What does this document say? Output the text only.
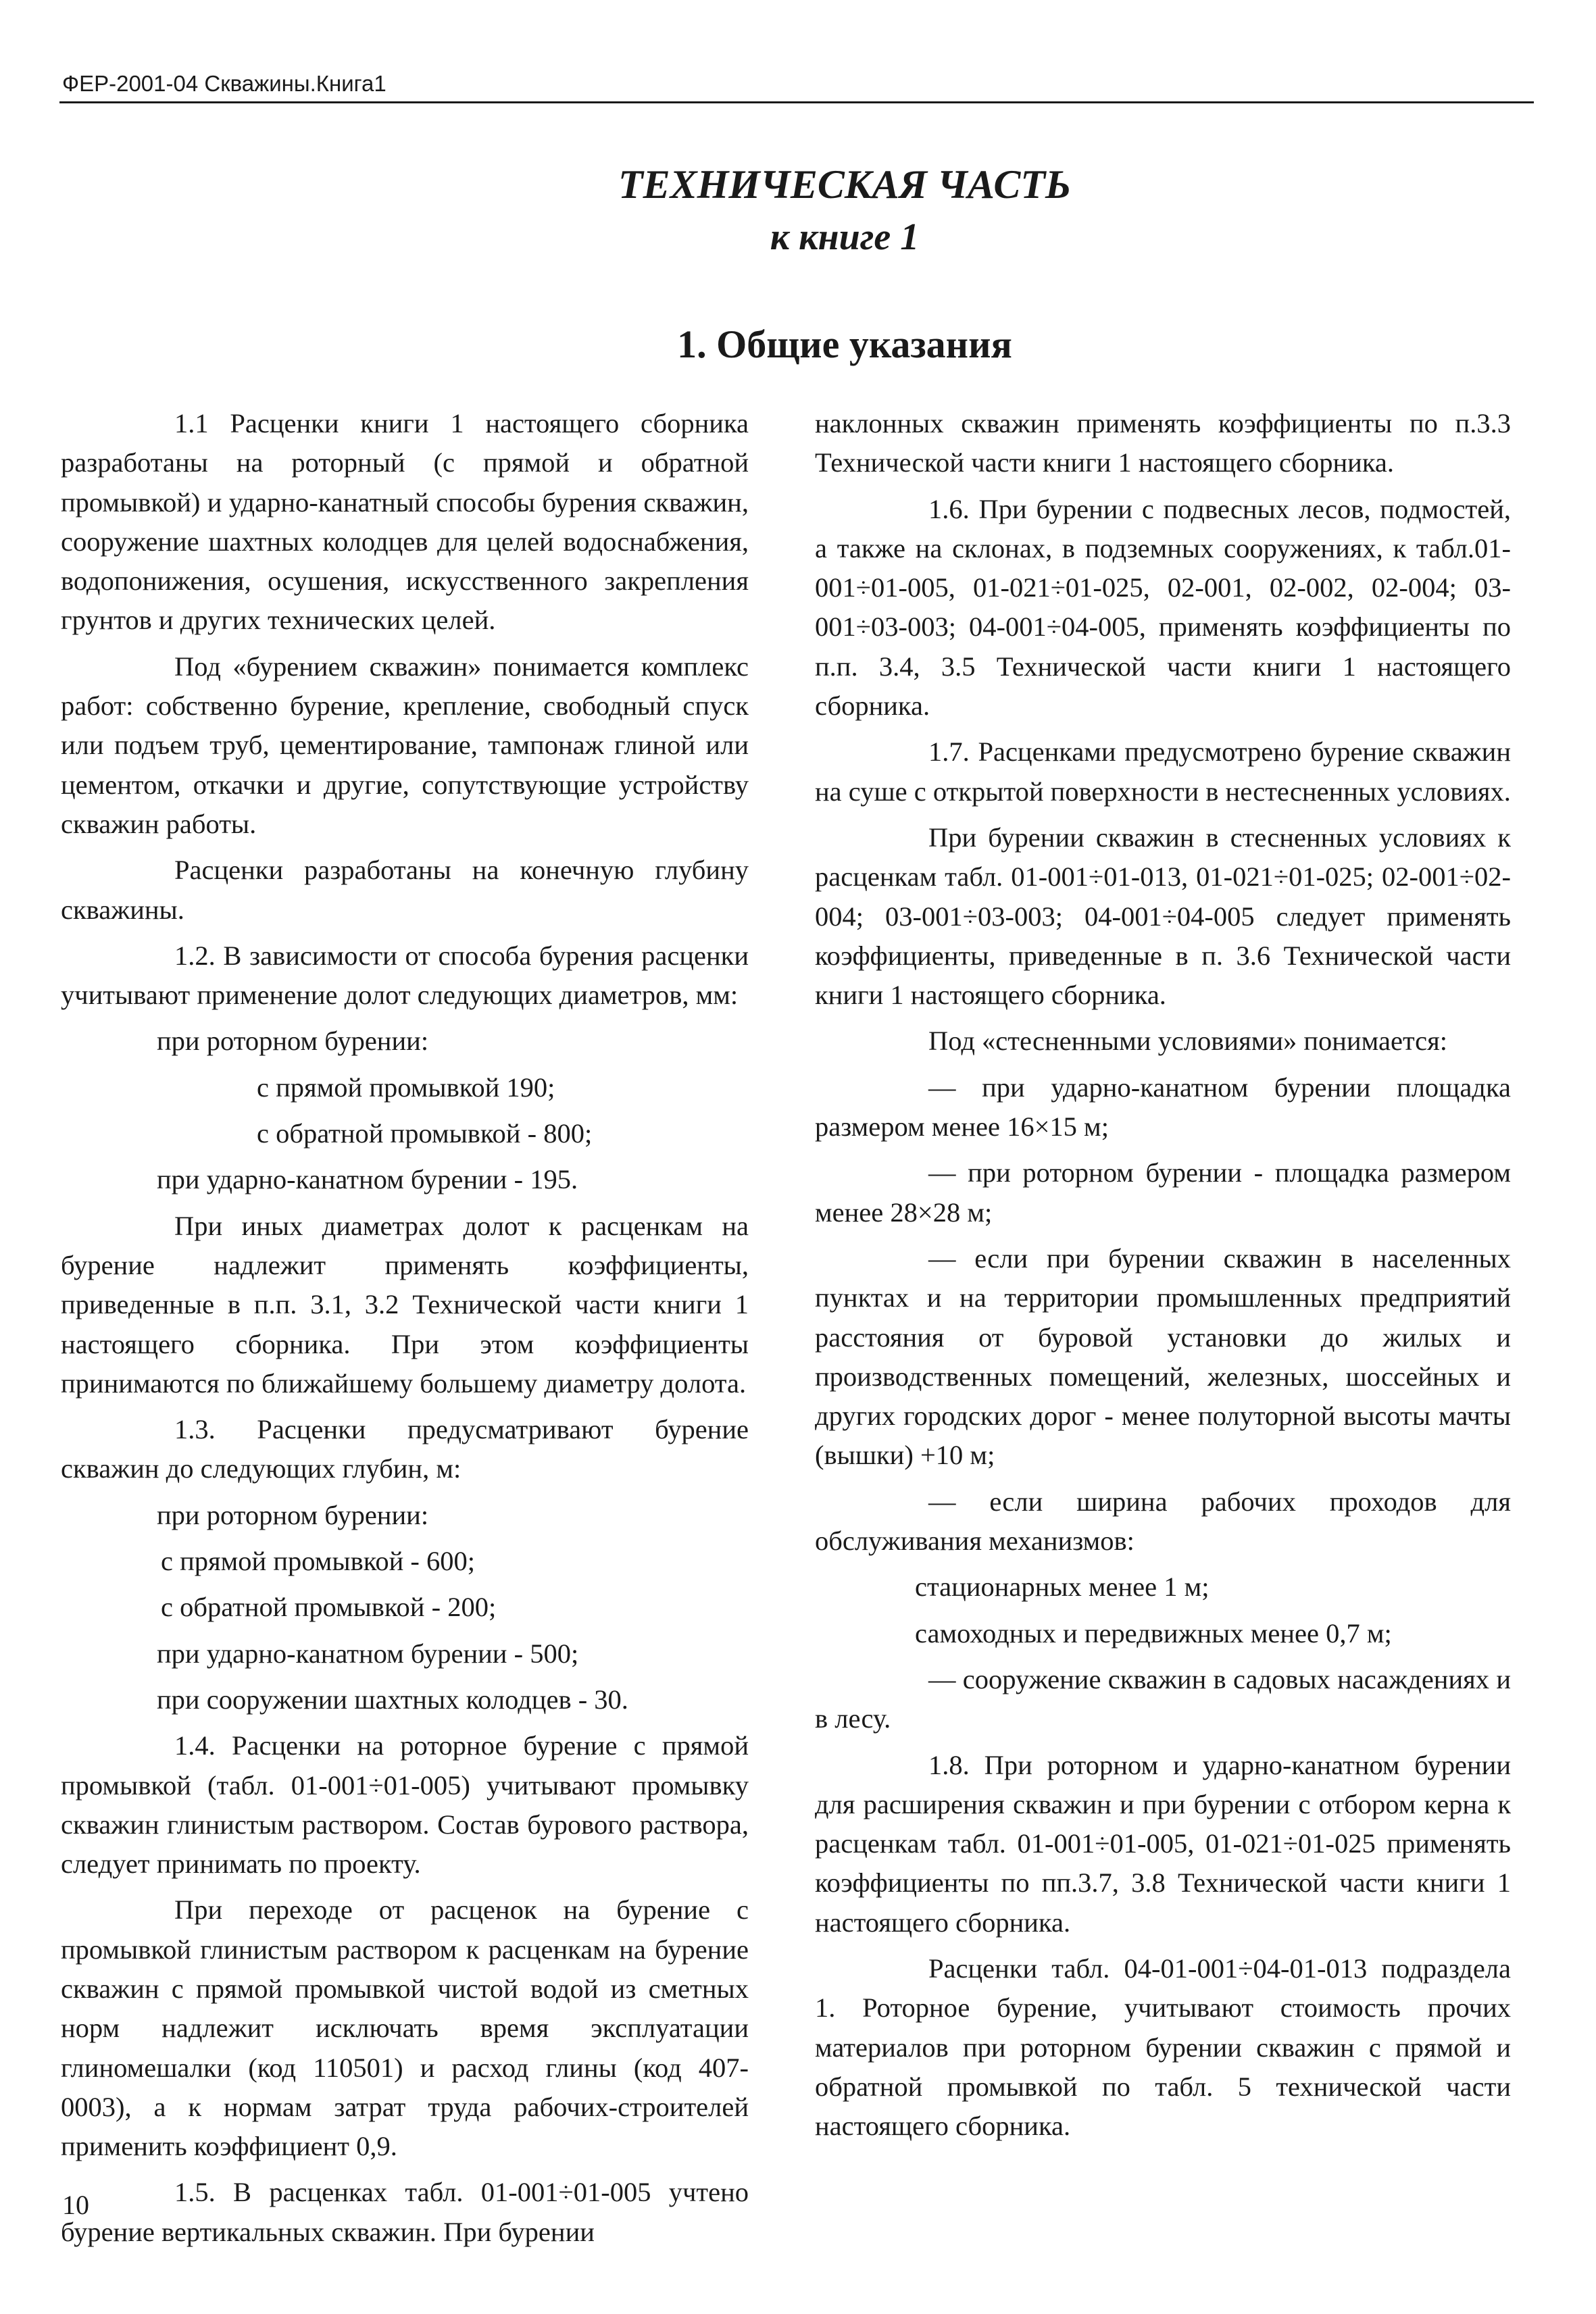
ФЕР-2001-04 Скважины.Книга1

ТЕХНИЧЕСКАЯ ЧАСТЬ
к книге 1
1. Общие указания

1.1 Расценки книги 1 настоящего сборника разработаны на роторный (с прямой и обратной промывкой) и ударно-канатный способы бурения скважин, сооружение шахтных колодцев для целей водоснабжения, водопонижения, осушения, искусственного закрепления грунтов и других технических целей.

Под «бурением скважин» понимается комплекс работ: собственно бурение, крепление, свободный спуск или подъем труб, цементирование, тампонаж глиной или цементом, откачки и другие, сопутствующие устройству скважин работы.

Расценки разработаны на конечную глубину скважины.

1.2. В зависимости от способа бурения расценки учитывают применение долот следующих диаметров, мм:

при роторном бурении:

с прямой промывкой 190;

с обратной промывкой - 800;

при ударно-канатном бурении - 195.

При иных диаметрах долот к расценкам на бурение надлежит применять коэффициенты, приведенные в п.п. 3.1, 3.2 Технической части книги 1 настоящего сборника. При этом коэффициенты принимаются по ближайшему большему диаметру долота.

1.3. Расценки предусматривают бурение скважин до следующих глубин, м:

при роторном бурении:

с прямой промывкой - 600;

с обратной промывкой - 200;

при ударно-канатном бурении - 500;

при сооружении шахтных колодцев - 30.

1.4. Расценки на роторное бурение с прямой промывкой (табл. 01-001÷01-005) учитывают промывку скважин глинистым раствором. Состав бурового раствора, следует принимать по проекту.

При переходе от расценок на бурение с промывкой глинистым раствором к расценкам на бурение скважин с прямой промывкой чистой водой из сметных норм надлежит исключать время эксплуатации глиномешалки (код 110501) и расход глины (код 407-0003), а к нормам затрат труда рабочих-строителей применить коэффициент 0,9.

1.5. В расценках табл. 01-001÷01-005 учтено бурение вертикальных скважин. При бурении

наклонных скважин применять коэффициенты по п.3.3 Технической части книги 1 настоящего сборника.

1.6. При бурении с подвесных лесов, подмостей, а также на склонах, в подземных сооружениях, к табл.01-001÷01-005, 01-021÷01-025, 02-001, 02-002, 02-004; 03-001÷03-003; 04-001÷04-005, применять коэффициенты по п.п. 3.4, 3.5 Технической части книги 1 настоящего сборника.

1.7. Расценками предусмотрено бурение скважин на суше с открытой поверхности в нестесненных условиях.

При бурении скважин в стесненных условиях к расценкам табл. 01-001÷01-013, 01-021÷01-025; 02-001÷02-004; 03-001÷03-003; 04-001÷04-005 следует применять коэффициенты, приведенные в п. 3.6 Технической части книги 1 настоящего сборника.

Под «стесненными условиями» понимается:

— при ударно-канатном бурении площадка размером менее 16×15 м;

— при роторном бурении - площадка размером менее 28×28 м;

— если при бурении скважин в населенных пунктах и на территории промышленных предприятий расстояния от буровой установки до жилых и производственных помещений, железных, шоссейных и других городских дорог - менее полуторной высоты мачты (вышки) +10 м;

— если ширина рабочих проходов для обслуживания механизмов:

стационарных менее 1 м;

самоходных и передвижных менее 0,7 м;

— сооружение скважин в садовых насаждениях и в лесу.

1.8. При роторном и ударно-канатном бурении для расширения скважин и при бурении с отбором керна к расценкам табл. 01-001÷01-005, 01-021÷01-025 применять коэффициенты по пп.3.7, 3.8 Технической части книги 1 настоящего сборника.

Расценки табл. 04-01-001÷04-01-013 подраздела 1. Роторное бурение, учитывают стоимость прочих материалов при роторном бурении скважин с прямой и обратной промывкой по табл. 5 технической части настоящего сборника.

10
